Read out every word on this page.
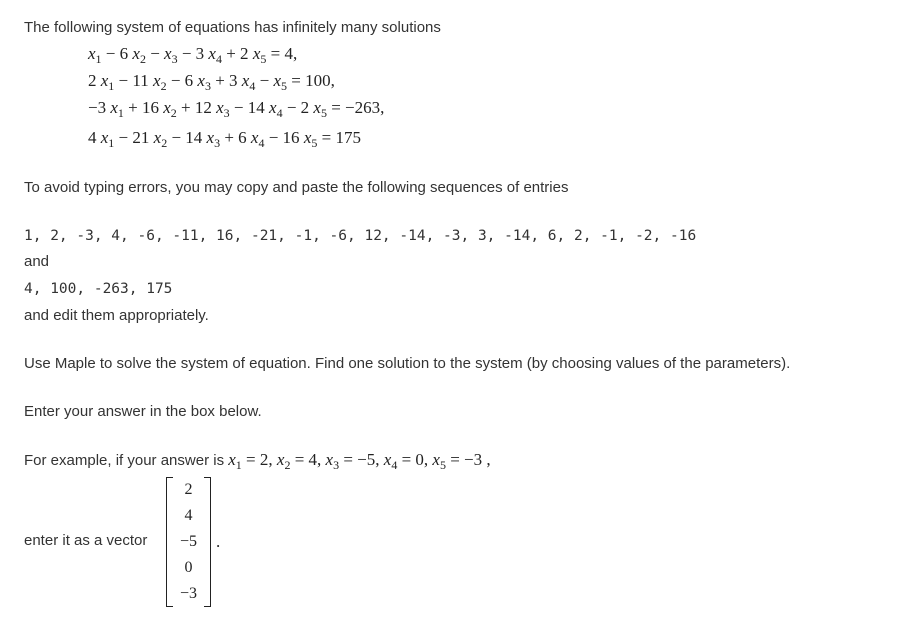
The following system of equations has infinitely many solutions
$x_1 - 6$ $x_2 - x_3 - 3$ $x_4 + 2$ $x_5 = 4$,
2 $x_1 - 11$ $x_2 - 6$ $x_3 + 3$ $x_4 - x_5 = 100$,
−3 $x_1 + 16$ $x_2 + 12$ $x_3 - 14$ $x_4 - 2$ $x_5 = -263$,
4 $x_1 - 21$ $x_2 - 14$ $x_3 + 6$ $x_4 - 16$ $x_5 = 175$
To avoid typing errors, you may copy and paste the following sequences of entries
1, 2, -3, 4, -6, -11, 16, -21, -1, -6, 12, -14, -3, 3, -14, 6, 2, -1, -2, -16
and
4, 100, -263, 175
and edit them appropriately.
Use Maple to solve the system of equation. Find one solution to the system (by choosing values of the parameters).
Enter your answer in the box below.
For example, if your answer is $x_1 = 2$, $x_2 = 4$, $x_3 = -5$, $x_4 = 0$, $x_5 = -3$ ,
enter it as a vector
2
4
−5
0
−3
.
